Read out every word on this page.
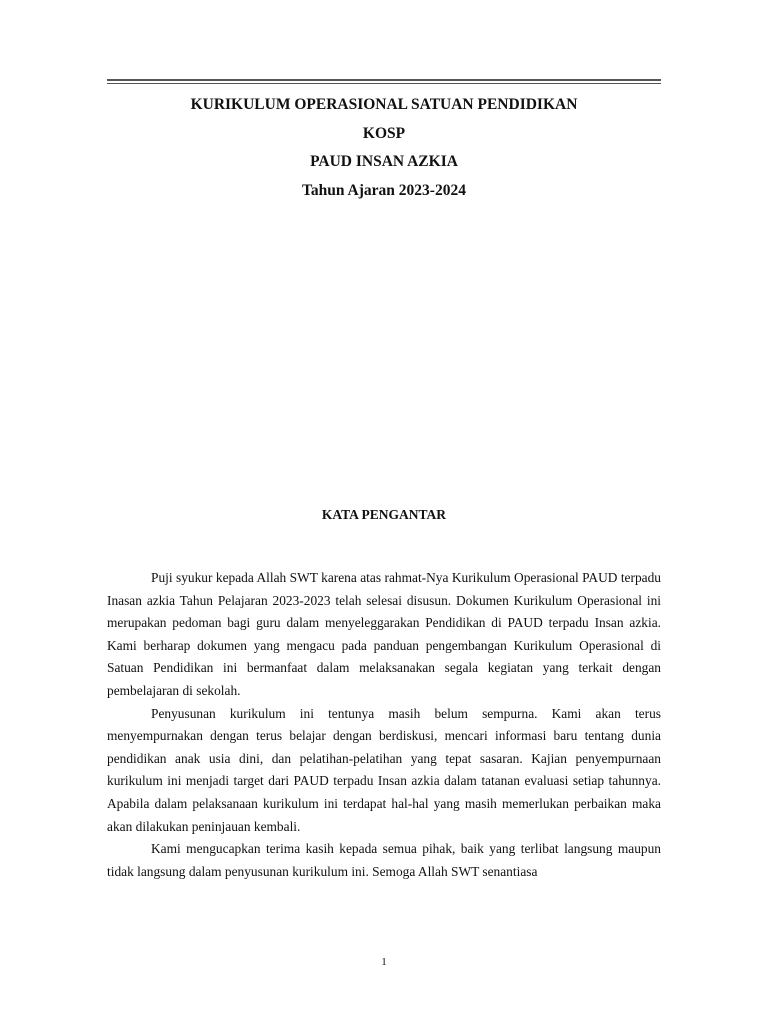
KURIKULUM OPERASIONAL SATUAN PENDIDIKAN
KOSP
PAUD INSAN AZKIA
Tahun Ajaran 2023-2024
KATA PENGANTAR

Puji syukur kepada Allah SWT karena atas rahmat-Nya Kurikulum Operasional PAUD terpadu Inasan azkia Tahun Pelajaran 2023-2023 telah selesai disusun. Dokumen Kurikulum Operasional ini merupakan pedoman bagi guru dalam menyeleggarakan Pendidikan di PAUD terpadu Insan azkia. Kami berharap dokumen yang mengacu pada panduan pengembangan Kurikulum Operasional di Satuan Pendidikan ini bermanfaat dalam melaksanakan segala kegiatan yang terkait dengan pembelajaran di sekolah.

Penyusunan kurikulum ini tentunya masih belum sempurna. Kami akan terus menyempurnakan dengan terus belajar dengan berdiskusi, mencari informasi baru tentang dunia pendidikan anak usia dini, dan pelatihan-pelatihan yang tepat sasaran. Kajian penyempurnaan kurikulum ini menjadi target dari PAUD terpadu Insan azkia dalam tatanan evaluasi setiap tahunnya. Apabila dalam pelaksanaan kurikulum ini terdapat hal-hal yang masih memerlukan perbaikan maka akan dilakukan peninjauan kembali.

Kami mengucapkan terima kasih kepada semua pihak, baik yang terlibat langsung maupun tidak langsung dalam penyusunan kurikulum ini. Semoga Allah SWT senantiasa

1
